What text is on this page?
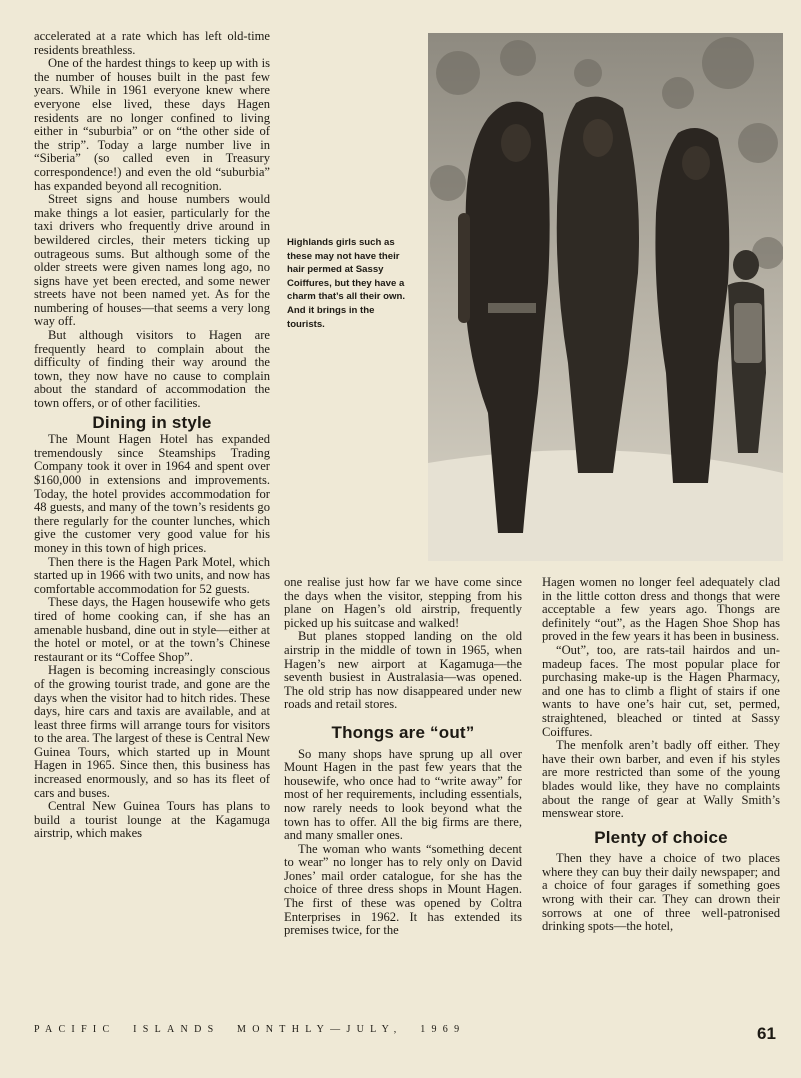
accelerated at a rate which has left old-time residents breathless.

One of the hardest things to keep up with is the number of houses built in the past few years. While in 1961 everyone knew where everyone else lived, these days Hagen residents are no longer confined to living either in “suburbia” or on “the other side of the strip”. Today a large number live in “Siberia” (so called even in Treasury correspondence!) and even the old “suburbia” has expanded beyond all recognition.

Street signs and house numbers would make things a lot easier, particularly for the taxi drivers who frequently drive around in bewildered circles, their meters ticking up outrageous sums. But although some of the older streets were given names long ago, no signs have yet been erected, and some newer streets have not been named yet. As for the numbering of houses—that seems a very long way off.

But although visitors to Hagen are frequently heard to complain about the difficulty of finding their way around the town, they now have no cause to complain about the standard of accommodation the town offers, or of other facilities.

Dining in style

The Mount Hagen Hotel has expanded tremendously since Steamships Trading Company took it over in 1964 and spent over $160,000 in extensions and improvements. Today, the hotel provides accommodation for 48 guests, and many of the town’s residents go there regularly for the counter lunches, which give the customer very good value for his money in this town of high prices.

Then there is the Hagen Park Motel, which started up in 1966 with two units, and now has comfortable accommodation for 52 guests.

These days, the Hagen housewife who gets tired of home cooking can, if she has an amenable husband, dine out in style—either at the hotel or motel, or at the town’s Chinese restaurant or its “Coffee Shop”.

Hagen is becoming increasingly conscious of the growing tourist trade, and gone are the days when the visitor had to hitch rides. These days, hire cars and taxis are available, and at least three firms will arrange tours for visitors to the area. The largest of these is Central New Guinea Tours, which started up in Mount Hagen in 1965. Since then, this business has increased enormously, and so has its fleet of cars and buses.

Central New Guinea Tours has plans to build a tourist lounge at the Kagamuga airstrip, which makes

Highlands girls such as these may not have their hair permed at Sassy Coiffures, but they have a charm that’s all their own. And it brings in the tourists.

one realise just how far we have come since the days when the visitor, stepping from his plane on Hagen’s old airstrip, frequently picked up his suitcase and walked!

But planes stopped landing on the old airstrip in the middle of town in 1965, when Hagen’s new airport at Kagamuga—the seventh busiest in Australasia—was opened. The old strip has now disappeared under new roads and retail stores.

Thongs are “out”

So many shops have sprung up all over Mount Hagen in the past few years that the housewife, who once had to “write away” for most of her requirements, including essentials, now rarely needs to look beyond what the town has to offer. All the big firms are there, and many smaller ones.

The woman who wants “something decent to wear” no longer has to rely only on David Jones’ mail order catalogue, for she has the choice of three dress shops in Mount Hagen. The first of these was opened by Coltra Enterprises in 1962. It has extended its premises twice, for the

Hagen women no longer feel adequately clad in the little cotton dress and thongs that were acceptable a few years ago. Thongs are definitely “out”, as the Hagen Shoe Shop has proved in the few years it has been in business.

“Out”, too, are rats-tail hairdos and un-madeup faces. The most popular place for purchasing make-up is the Hagen Pharmacy, and one has to climb a flight of stairs if one wants to have one’s hair cut, set, permed, straightened, bleached or tinted at Sassy Coiffures.

The menfolk aren’t badly off either. They have their own barber, and even if his styles are more restricted than some of the young blades would like, they have no complaints about the range of gear at Wally Smith’s menswear store.

Plenty of choice

Then they have a choice of two places where they can buy their daily newspaper; and a choice of four garages if something goes wrong with their car. They can drown their sorrows at one of three well-patronised drinking spots—the hotel,

PACIFIC  ISLANDS  MONTHLY—JULY,  1969	61
